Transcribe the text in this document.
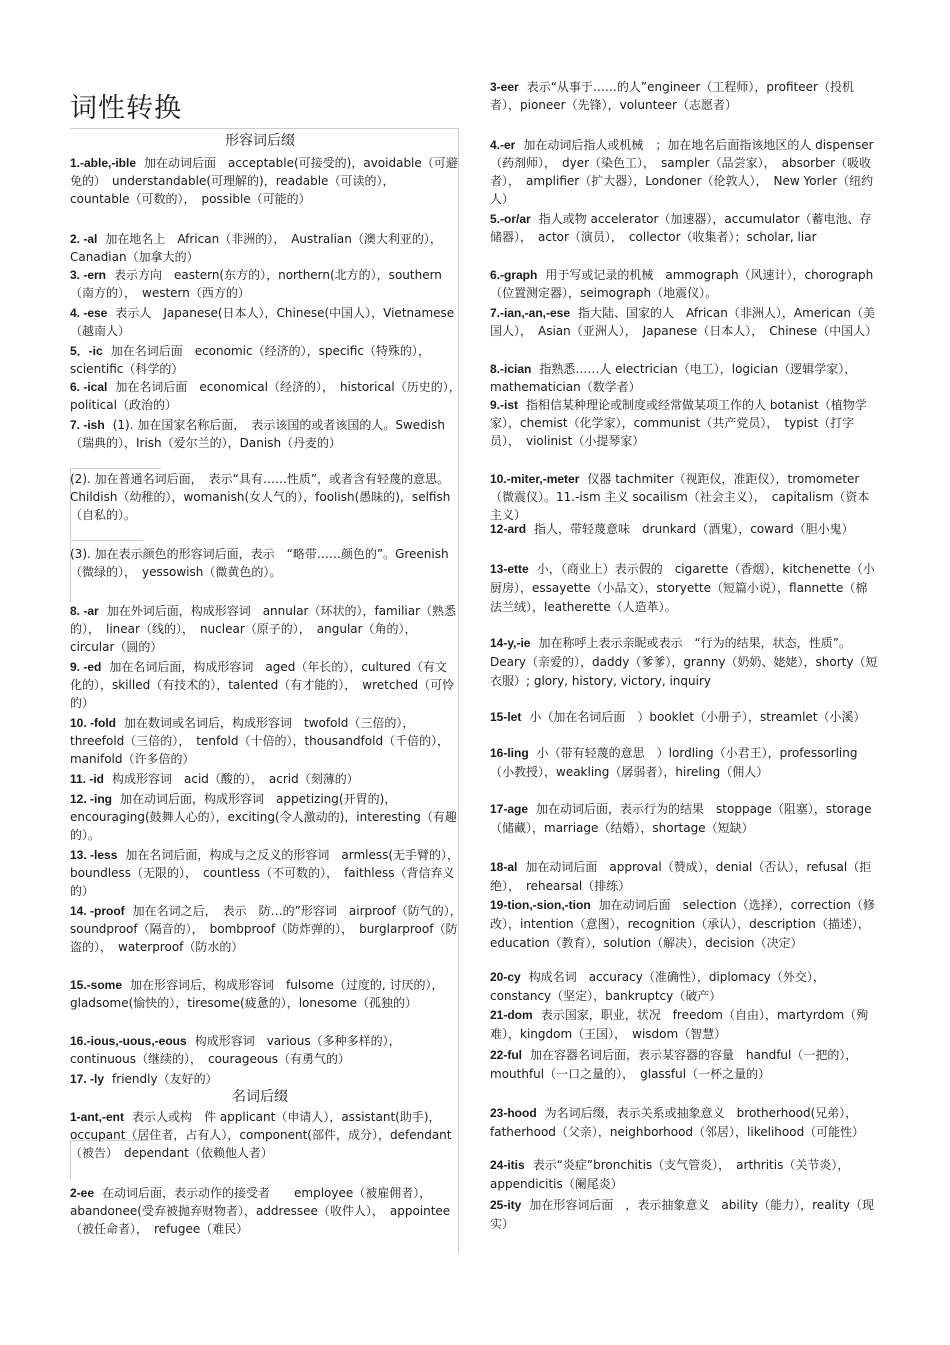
词性转换
形容词后缀
名词后缀
1.-able,-ible 加在动词后面　acceptable(可接受的)，avoidable（可避免的）　understandable(可理解的)，readable（可读的），　countable（可数的），　possible（可能的）
2. -al 加在地名上　African（非洲的），　Australian（澳大利亚的），　Canadian（加拿大的）
3. -ern 表示方向　eastern(东方的），northern(北方的），southern（南方的），　western（西方的）
4. -ese 表示人　Japanese(日本人），Chinese(中国人），Vietnamese（越南人）
5．-ic 加在名词后面　economic（经济的），specific（特殊的），　scientific（科学的）
6. -ical 加在名词后面　economical（经济的），　historical（历史的），　political（政治的）
7. -ish (1). 加在国家名称后面，　表示该国的或者该国的人。Swedish（瑞典的），Irish（爱尔兰的），Danish（丹麦的）
(2). 加在普通名词后面，　表示“具有……性质”，或者含有轻蔑的意思。　Childish（幼稚的），womanish(女人气的），foolish(愚昧的)，selfish（自私的）。
(3). 加在表示颜色的形容词后面，表示　“略带……颜色的”。Greenish（微绿的），　yessowish（微黄色的）。
8. -ar 加在外词后面，构成形容词　annular（环状的），familiar（熟悉的），　linear（线的），　nuclear（原子的），　angular（角的），　circular（圆的）
9. -ed 加在名词后面，构成形容词　aged（年长的），cultured（有文化的），skilled（有技术的），talented（有才能的），　wretched（可怜的）
10. -fold 加在数词或名词后，构成形容词　twofold（三倍的），　threefold（三倍的），　tenfold（十倍的），thousandfold（千倍的），　manifold（许多倍的）
11. -id 构成形容词　acid（酸的），　acrid（刻薄的）
12. -ing 加在动词后面，构成形容词　appetizing(开胃的)，encouraging(鼓舞人心的），exciting(令人激动的)，interesting（有趣的）。
13. -less 加在名词后面，构成与之反义的形容词　armless(无手臂的），　boundless（无限的），　countless（不可数的），　faithless（背信弃义的）
14. -proof 加在名词之后，　表示　防…的”形容词　airproof（防气的），　soundproof（隔音的），　bombproof（防炸弹的），　burglarproof（防盗的），　waterproof（防水的）
15.-some 加在形容词后，构成形容词　fulsome（过度的, 讨厌的），gladsome(愉快的），tiresome(疲惫的），lonesome（孤独的）
16.-ious,-uous,-eous 构成形容词　various（多种多样的），continuous（继续的），　courageous（有勇气的）
17. -ly friendly（友好的）
1-ant,-ent 表示人或构　件 applicant（申请人），assistant(助手)，occupant（居住者，占有人），component(部件，成分），defendant（被告）　dependant（依赖他人者）
2-ee 在动词后面，表示动作的接受者　　employee（被雇佣者），abandonee(受弃被抛弃财物者），addressee（收件人），　appointee（被任命者），　refugee（难民）
3-eer 表示“从事于……的人”engineer（工程师），profiteer（投机者），pioneer（先锋），volunteer（志愿者）
4.-er 加在动词后指人或机械　；加在地名后面指该地区的人 dispenser（药剂师），　dyer（染色工），　sampler（品尝家），　absorber（吸收者），　amplifier（扩大器），Londoner（伦敦人），　New Yorler（纽约人）
5.-or/ar 指人或物 accelerator（加速器），accumulator（蓄电池、存储器），　actor（演员），　collector（收集者）；scholar, liar
6.-graph 用于写或记录的机械　ammograph（风速计），chorograph（位置测定器），seimograph（地震仪）。
7.-ian,-an,-ese 指大陆、国家的人　African（非洲人），American（美国人），　Asian（亚洲人），　Japanese（日本人），　Chinese（中国人）
8.-ician 指熟悉……人 electrician（电工），logician（逻辑学家），　mathematician（数学者）
9.-ist 指相信某种理论或制度或经常做某项工作的人 botanist（植物学家），chemist（化学家），communist（共产党员），　typist（打字员），　violinist（小提琴家）
10.-miter,-meter 仪器 tachmiter（视距仪，准距仪），tromometer（微震仪）。11.-ism 主义 socailism（社会主义），　capitalism（资本主义）
12-ard 指人，带轻蔑意味　drunkard（酒鬼），coward（胆小鬼）
13-ette 小，（商业上）表示假的　cigarette（香烟），kitchenette（小厨房），essayette（小品文），storyette（短篇小说），flannette（棉法兰绒），leatherette（人造革）。
14-y,-ie 加在称呼上表示亲昵或表示　“行为的结果，状态，性质”。Deary（亲爱的），daddy（爹爹），granny（奶奶、姥姥），shorty（短衣服）; glory, history, victory, inquiry
15-let 小（加在名词后面　）booklet（小册子），streamlet（小溪）
16-ling 小（带有轻蔑的意思　）lordling（小君王），professorling（小教授），weakling（孱弱者），hireling（佣人）
17-age 加在动词后面，表示行为的结果　stoppage（阻塞），storage（储藏），marriage（结婚），shortage（短缺）
18-al 加在动词后面　approval（赞成），denial（否认），refusal（拒绝），　rehearsal（排练）
19-tion,-sion,-tion 加在动词后面　selection（选择），correction（修改），intention（意图），recognition（承认），description（描述），education（教育），solution（解决），decision（决定）
20-cy 构成名词　accuracy（准确性），diplomacy（外交），constancy（坚定），bankruptcy（破产）
21-dom 表示国家，职业，状况　freedom（自由），martyrdom（殉难），kingdom（王国），　wisdom（智慧）
22-ful 加在容器名词后面，表示某容器的容量　handful（一把的），mouthful（一口之量的），　glassful（一杯之量的）
23-hood 为名词后缀，表示关系或抽象意义　brotherhood(兄弟），fatherhood（父亲），neighborhood（邻居），likelihood（可能性）
24-itis 表示“炎症”bronchitis（支气管炎），　arthritis（关节炎），　appendicitis（阑尾炎）
25-ity 加在形容词后面　，表示抽象意义　ability（能力），reality（现实）
